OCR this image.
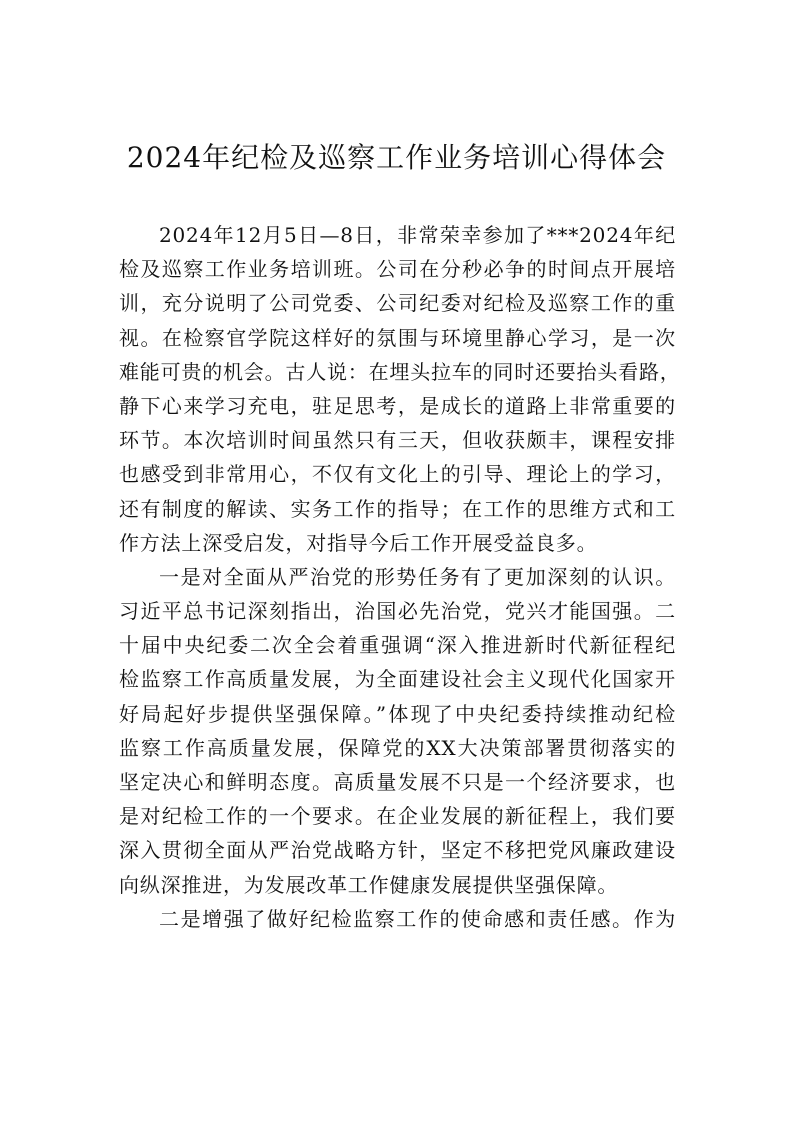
2024年纪检及巡察工作业务培训心得体会
2024年12月5日—8日，非常荣幸参加了***2024年纪
检及巡察工作业务培训班。公司在分秒必争的时间点开展培
训，充分说明了公司党委、公司纪委对纪检及巡察工作的重
视。在检察官学院这样好的氛围与环境里静心学习，是一次
难能可贵的机会。古人说：在埋头拉车的同时还要抬头看路，
静下心来学习充电，驻足思考，是成长的道路上非常重要的
环节。本次培训时间虽然只有三天，但收获颇丰，课程安排
也感受到非常用心，不仅有文化上的引导、理论上的学习，
还有制度的解读、实务工作的指导；在工作的思维方式和工
作方法上深受启发，对指导今后工作开展受益良多。
一是对全面从严治党的形势任务有了更加深刻的认识。
习近平总书记深刻指出，治国必先治党，党兴才能国强。二
十届中央纪委二次全会着重强调“深入推进新时代新征程纪
检监察工作高质量发展，为全面建设社会主义现代化国家开
好局起好步提供坚强保障。”体现了中央纪委持续推动纪检
监察工作高质量发展，保障党的XX大决策部署贯彻落实的
坚定决心和鲜明态度。高质量发展不只是一个经济要求，也
是对纪检工作的一个要求。在企业发展的新征程上，我们要
深入贯彻全面从严治党战略方针，坚定不移把党风廉政建设
向纵深推进，为发展改革工作健康发展提供坚强保障。
二是增强了做好纪检监察工作的使命感和责任感。作为
